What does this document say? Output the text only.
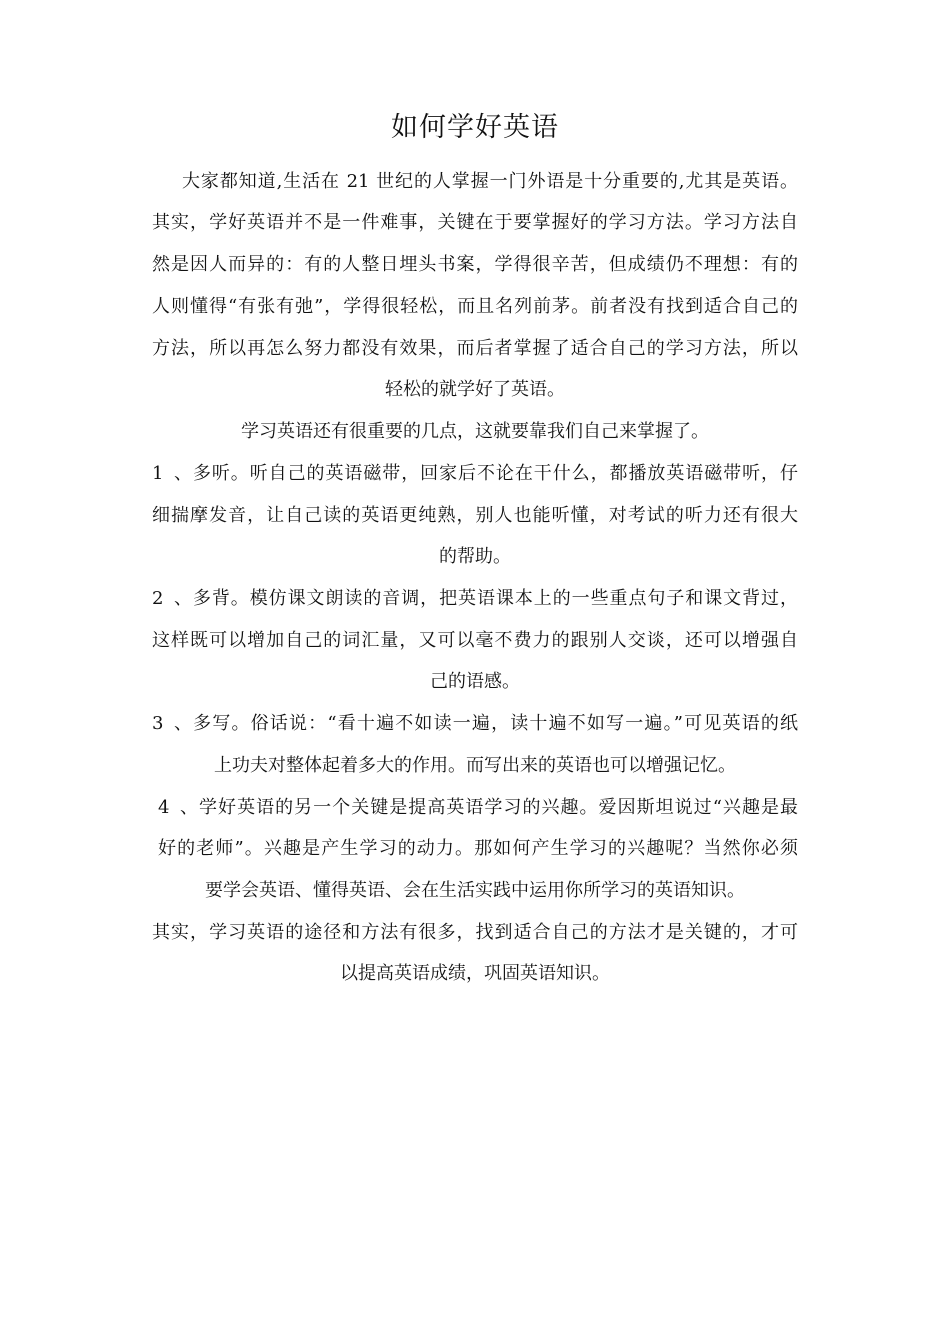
如何学好英语
大家都知道,生活在 21 世纪的人掌握一门外语是十分重要的,尤其是英语。
其实，学好英语并不是一件难事，关键在于要掌握好的学习方法。学习方法自
然是因人而异的：有的人整日埋头书案，学得很辛苦，但成绩仍不理想：有的
人则懂得“有张有弛”，学得很轻松，而且名列前茅。前者没有找到适合自己的
方法，所以再怎么努力都没有效果，而后者掌握了适合自己的学习方法，所以
轻松的就学好了英语。
学习英语还有很重要的几点，这就要靠我们自己来掌握了。
1、多听。听自己的英语磁带，回家后不论在干什么，都播放英语磁带听，仔
细揣摩发音，让自己读的英语更纯熟，别人也能听懂，对考试的听力还有很大
的帮助。
2、多背。模仿课文朗读的音调，把英语课本上的一些重点句子和课文背过，
这样既可以增加自己的词汇量，又可以毫不费力的跟别人交谈，还可以增强自
己的语感。
3、多写。俗话说：“看十遍不如读一遍，读十遍不如写一遍。”可见英语的纸
上功夫对整体起着多大的作用。而写出来的英语也可以增强记忆。
4、学好英语的另一个关键是提高英语学习的兴趣。爱因斯坦说过“兴趣是最
好的老师”。兴趣是产生学习的动力。那如何产生学习的兴趣呢？当然你必须
要学会英语、懂得英语、会在生活实践中运用你所学习的英语知识。
其实，学习英语的途径和方法有很多，找到适合自己的方法才是关键的，才可
以提高英语成绩，巩固英语知识。
